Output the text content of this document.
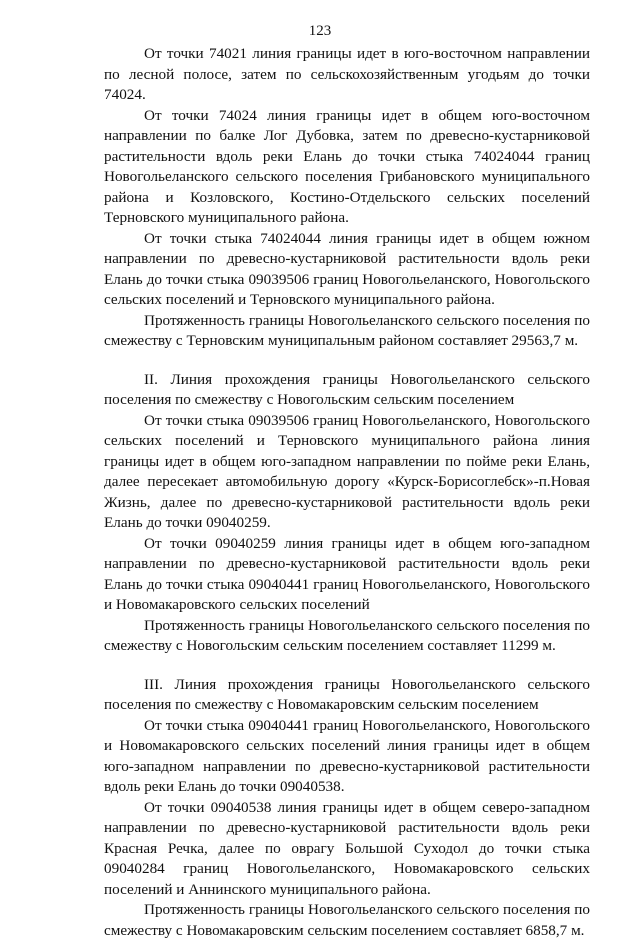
123

От точки 74021 линия границы идет в юго-восточном направлении по лесной полосе, затем по сельскохозяйственным угодьям до точки 74024.

От точки 74024 линия границы идет в общем юго-восточном направлении по балке Лог Дубовка, затем по древесно-кустарниковой растительности вдоль реки Елань до точки стыка 74024044 границ Новогольеланского сельского поселения Грибановского муниципального района и Козловского, Костино-Отдельского сельских поселений Терновского муниципального района.

От точки стыка 74024044 линия границы идет в общем южном направлении по древесно-кустарниковой растительности вдоль реки Елань до точки стыка 09039506 границ Новогольеланского, Новогольского сельских поселений и Терновского муниципального района.

Протяженность границы Новогольеланского сельского поселения по смежеству с Терновским муниципальным районом составляет 29563,7 м.

II. Линия прохождения границы Новогольеланского сельского поселения по смежеству с Новогольским сельским поселением

От точки стыка 09039506 границ Новогольеланского, Новогольского сельских поселений и Терновского муниципального района линия границы идет в общем юго-западном направлении по пойме реки Елань, далее пересекает автомобильную дорогу «Курск-Борисоглебск»-п.Новая Жизнь, далее по древесно-кустарниковой растительности вдоль реки Елань до точки 09040259.

От точки 09040259 линия границы идет в общем юго-западном направлении по древесно-кустарниковой растительности вдоль реки Елань до точки стыка 09040441 границ Новогольеланского, Новогольского и Новомакаровского сельских поселений

Протяженность границы Новогольеланского сельского поселения по смежеству с Новогольским сельским поселением составляет 11299 м.

III. Линия прохождения границы Новогольеланского сельского поселения по смежеству с Новомакаровским сельским поселением

От точки стыка 09040441 границ Новогольеланского, Новогольского и Новомакаровского сельских поселений линия границы идет в общем юго-западном направлении по древесно-кустарниковой растительности вдоль реки Елань до точки 09040538.

От точки 09040538 линия границы идет в общем северо-западном направлении по древесно-кустарниковой растительности вдоль реки Красная Речка, далее по оврагу Большой Суходол до точки стыка 09040284 границ Новогольеланского, Новомакаровского сельских поселений и Аннинского муниципального района.

Протяженность границы Новогольеланского сельского поселения по смежеству с Новомакаровским сельским поселением составляет 6858,7 м.
